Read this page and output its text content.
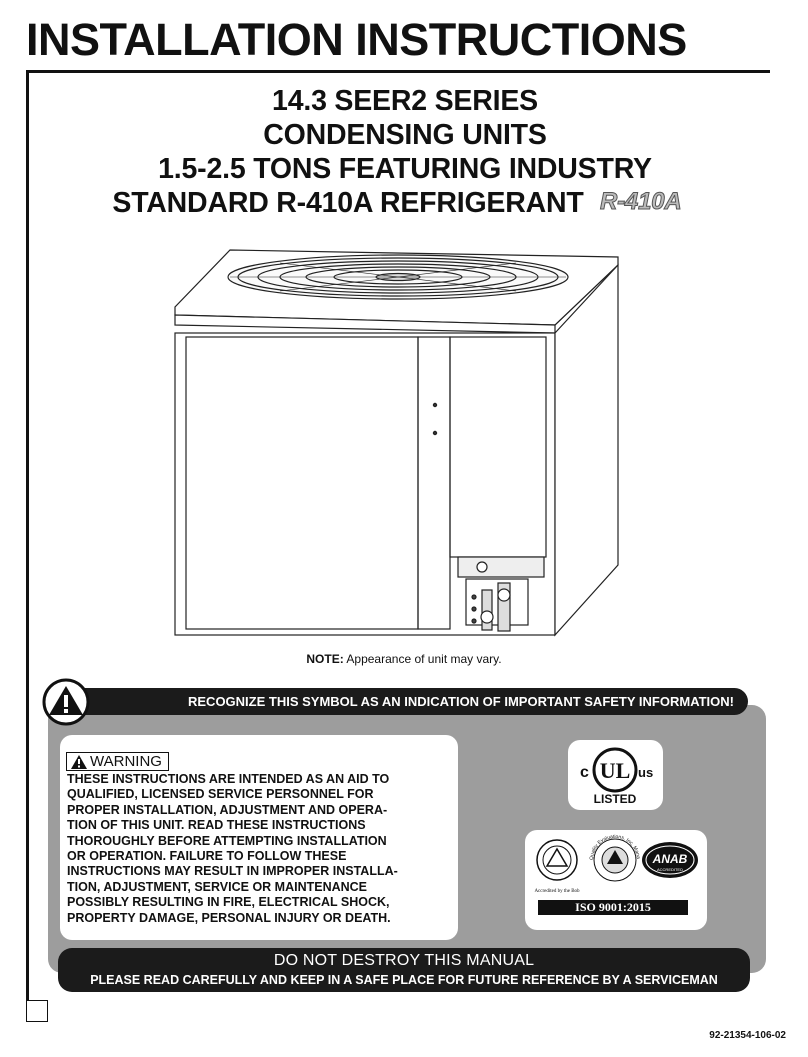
INSTALLATION INSTRUCTIONS
14.3 SEER2 SERIES
CONDENSING UNITS
1.5-2.5 TONS FEATURING INDUSTRY
STANDARD R-410A REFRIGERANT R-410A
NOTE: Appearance of unit may vary.
RECOGNIZE THIS SYMBOL AS AN INDICATION OF IMPORTANT SAFETY INFORMATION!
WARNING
THESE INSTRUCTIONS ARE INTENDED AS AN AID TO
QUALIFIED, LICENSED SERVICE PERSONNEL FOR
PROPER INSTALLATION, ADJUSTMENT AND OPERA-
TION OF THIS UNIT. READ THESE INSTRUCTIONS
THOROUGHLY BEFORE ATTEMPTING INSTALLATION
OR OPERATION. FAILURE TO FOLLOW THESE
INSTRUCTIONS MAY RESULT IN IMPROPER INSTALLA-
TION, ADJUSTMENT, SERVICE OR MAINTENANCE
POSSIBLY RESULTING IN FIRE, ELECTRICAL SHOCK,
PROPERTY DAMAGE, PERSONAL INJURY OR DEATH.
UL
c	us
LISTED
Accredited by the Bob
Quality Evaluations, Inc. Mana ANAB
ACCREDITED
ISO 9001:2015
DO NOT DESTROY THIS MANUAL
PLEASE READ CAREFULLY AND KEEP IN A SAFE PLACE FOR FUTURE REFERENCE BY A SERVICEMAN
92-21354-106-02
